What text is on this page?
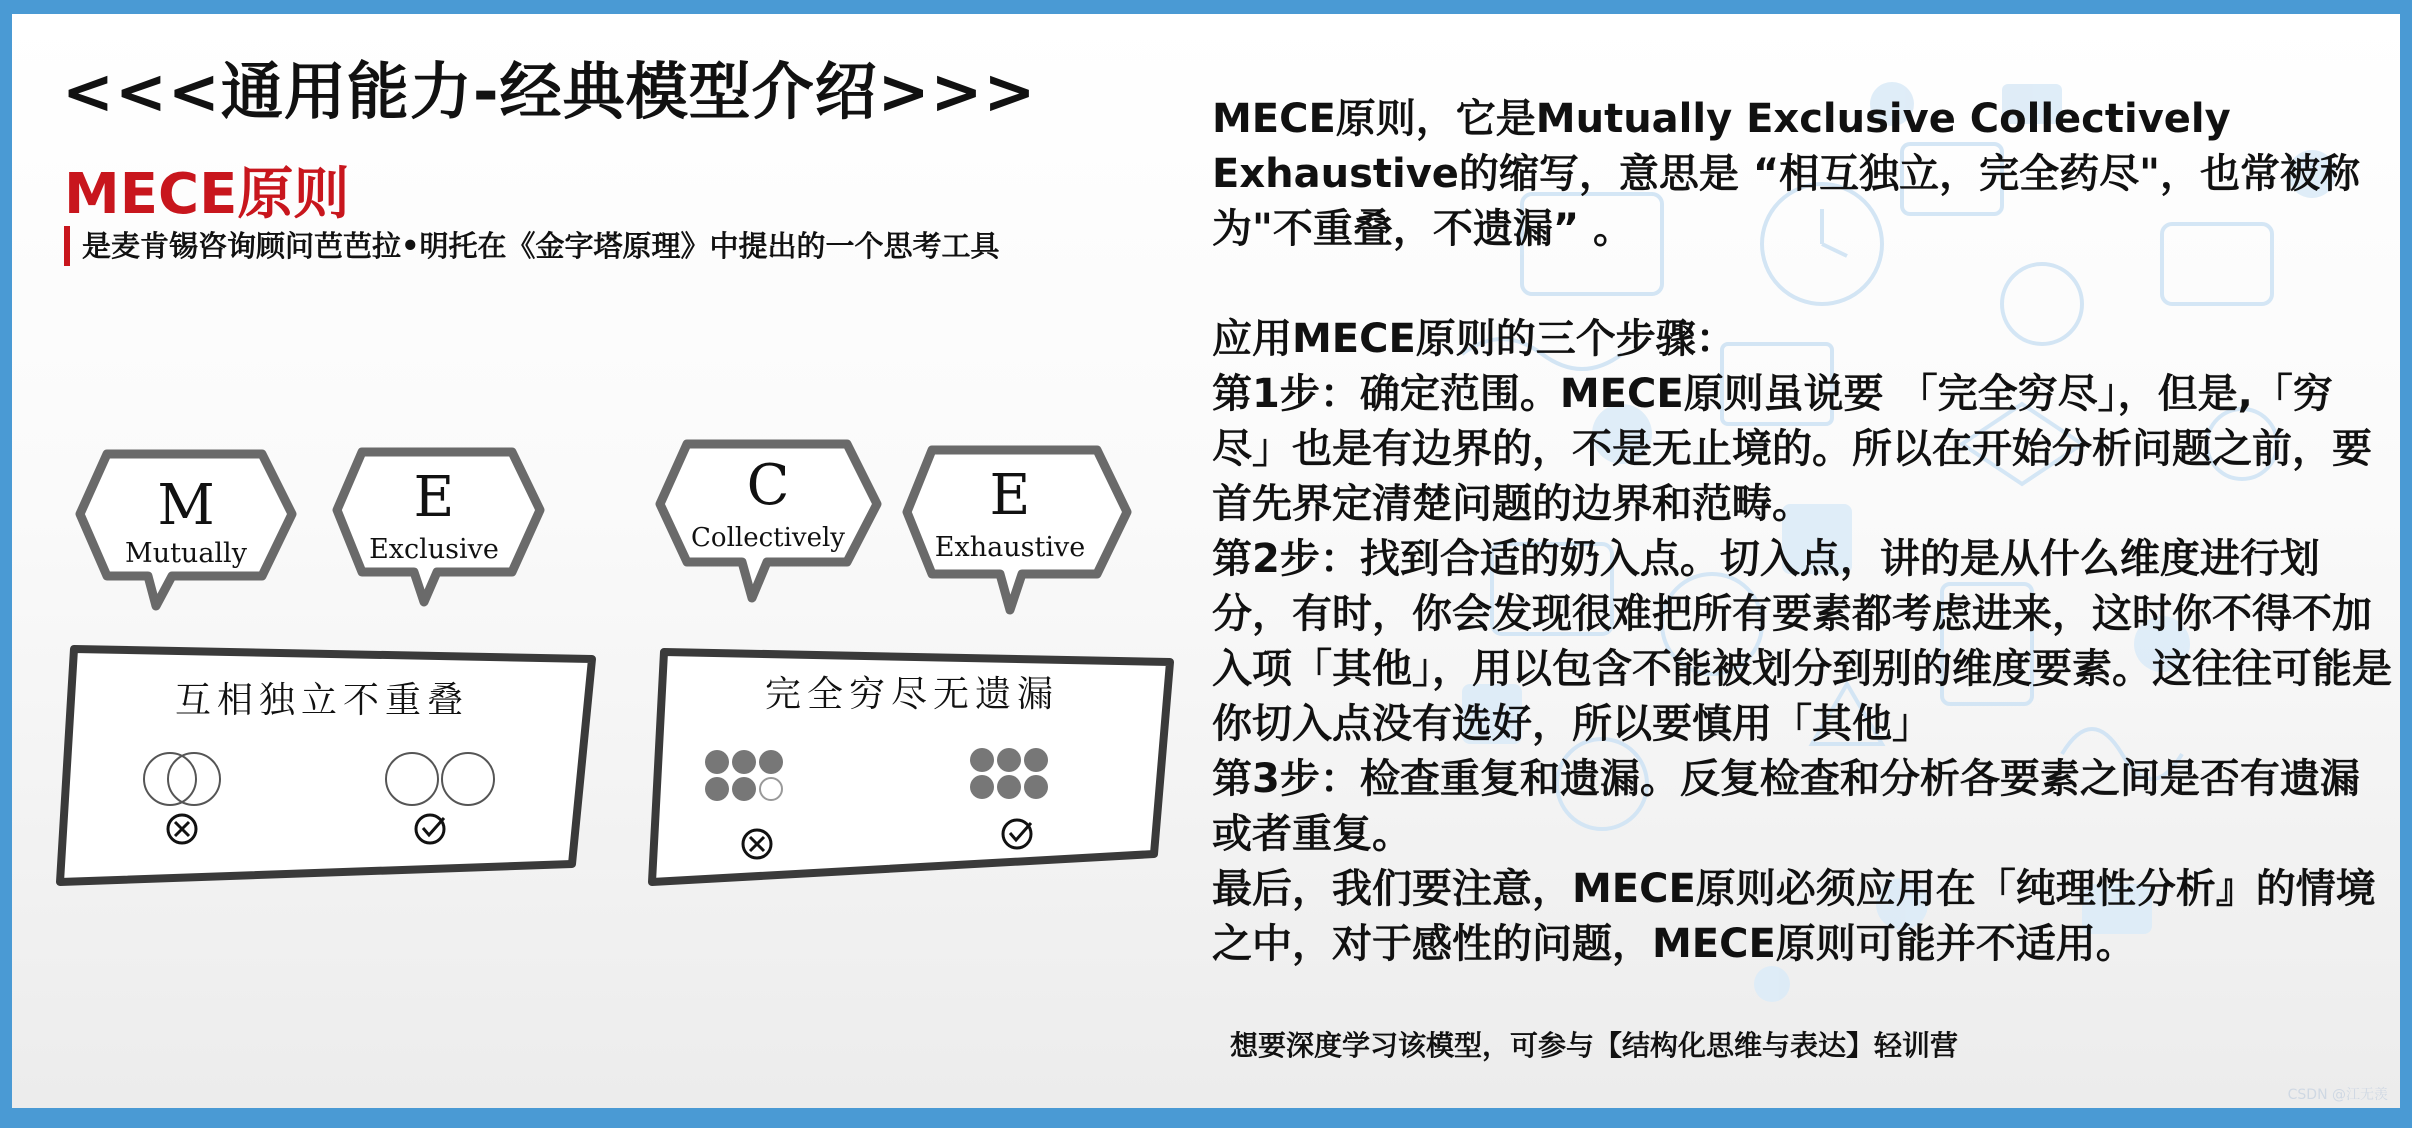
<<<通用能力-经典模型介绍>>>
MECE原则
是麦肯锡咨询顾问芭芭拉•明托在《金字塔原理》中提出的一个思考工具
M
Mutually
E
Exclusive
C
Collectively
E
Exhaustive
互相独立不重叠	完全穷尽无遗漏

MECE原则，它是Mutually Exclusive Collectively Exhaustive的缩写，意思是 “相互独立，完全药尽"，也常被称为"不重叠，不遗漏” 。

应用MECE原则的三个步骤：

第1步：确定范围。MECE原则虽说要 「完全穷尽」，但是,「穷尽」也是有边界的，不是无止境的。所以在开始分析问题之前，要首先界定清楚问题的边界和范畴。

第2步：找到合适的奶入点。切入点，讲的是从什么维度进行划分，有时，你会发现很难把所有要素都考虑进来，这时你不得不加入项「其他」，用以包含不能被划分到别的维度要素。这往往可能是你切入点没有选好，所以要慎用「其他」

第3步：检查重复和遗漏。反复检查和分析各要素之间是否有遗漏或者重复。

最后，我们要注意，MECE原则必须应用在「纯理性分析』的情境之中，对于感性的问题，MECE原则可能并不适用。

想要深度学习该模型，可参与【结构化思维与表达】轻训营
CSDN @江无羡
